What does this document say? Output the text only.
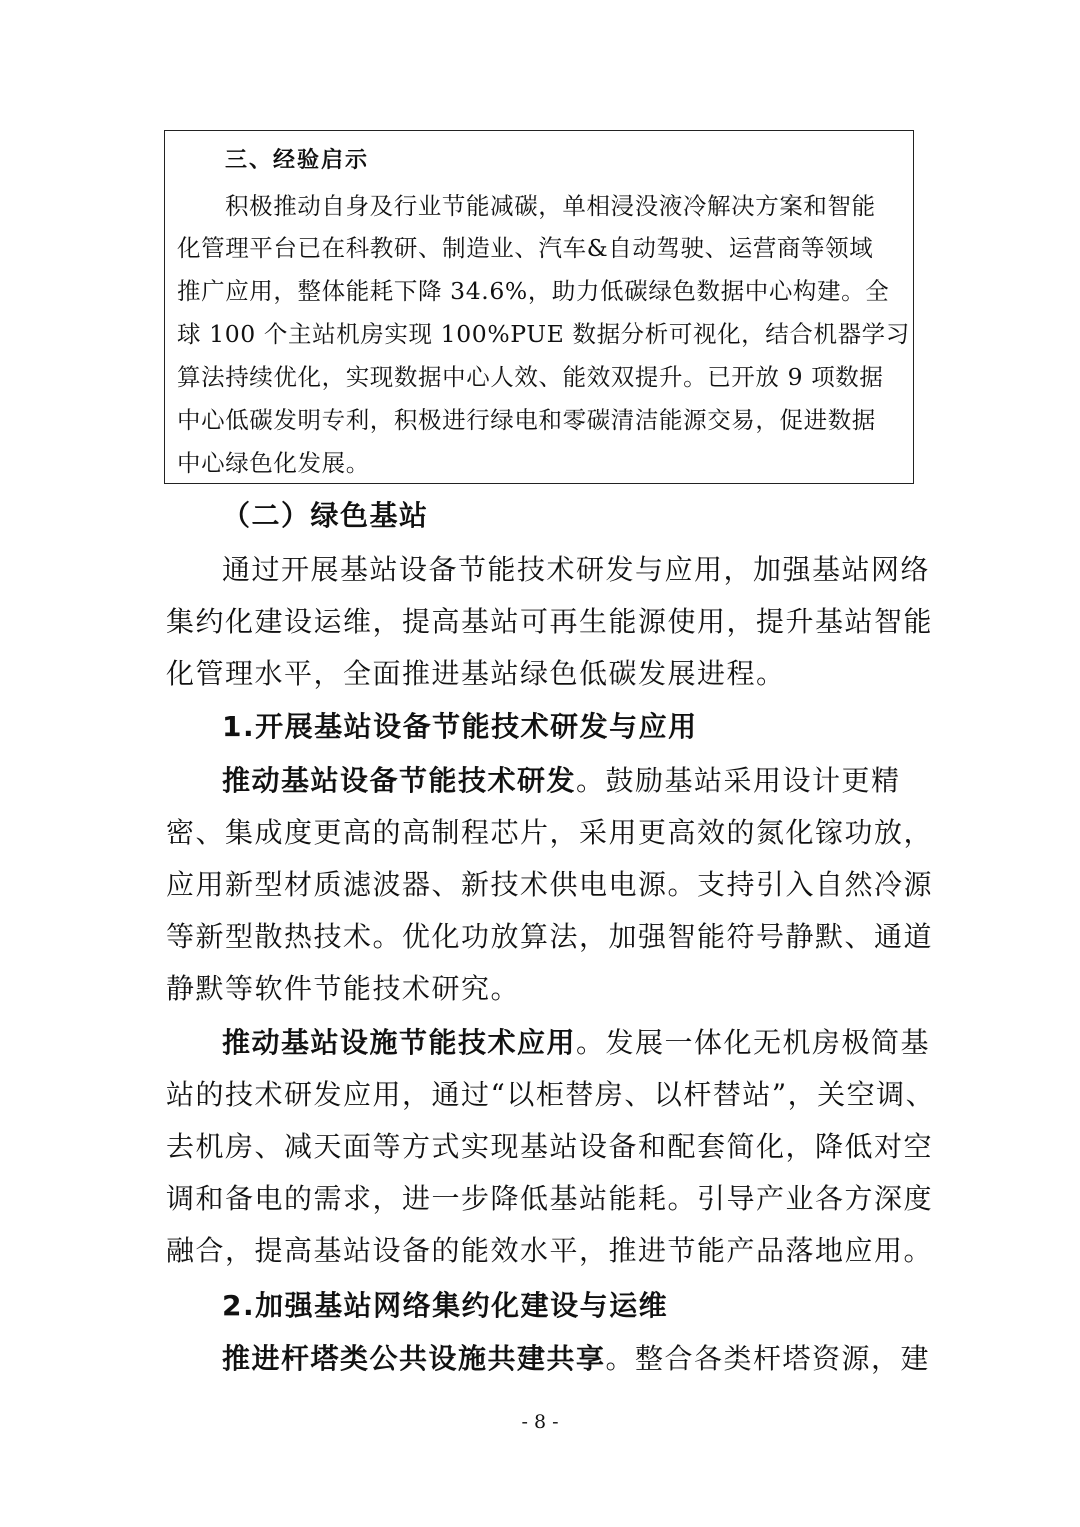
三、经验启示
积极推动自身及行业节能减碳，单相浸没液冷解决方案和智能
化管理平台已在科教研、制造业、汽车&自动驾驶、运营商等领域
推广应用，整体能耗下降 34.6%，助力低碳绿色数据中心构建。全
球 100 个主站机房实现 100%PUE 数据分析可视化，结合机器学习
算法持续优化，实现数据中心人效、能效双提升。已开放 9 项数据
中心低碳发明专利，积极进行绿电和零碳清洁能源交易，促进数据
中心绿色化发展。
（二）绿色基站
通过开展基站设备节能技术研发与应用，加强基站网络
集约化建设运维，提高基站可再生能源使用，提升基站智能
化管理水平，全面推进基站绿色低碳发展进程。
1.开展基站设备节能技术研发与应用
推动基站设备节能技术研发。鼓励基站采用设计更精
密、集成度更高的高制程芯片，采用更高效的氮化镓功放，
应用新型材质滤波器、新技术供电电源。支持引入自然冷源
等新型散热技术。优化功放算法，加强智能符号静默、通道
静默等软件节能技术研究。
推动基站设施节能技术应用。发展一体化无机房极简基
站的技术研发应用，通过“以柜替房、以杆替站”，关空调、
去机房、减天面等方式实现基站设备和配套简化，降低对空
调和备电的需求，进一步降低基站能耗。引导产业各方深度
融合，提高基站设备的能效水平，推进节能产品落地应用。
2.加强基站网络集约化建设与运维
推进杆塔类公共设施共建共享。整合各类杆塔资源，建
- 8 -
